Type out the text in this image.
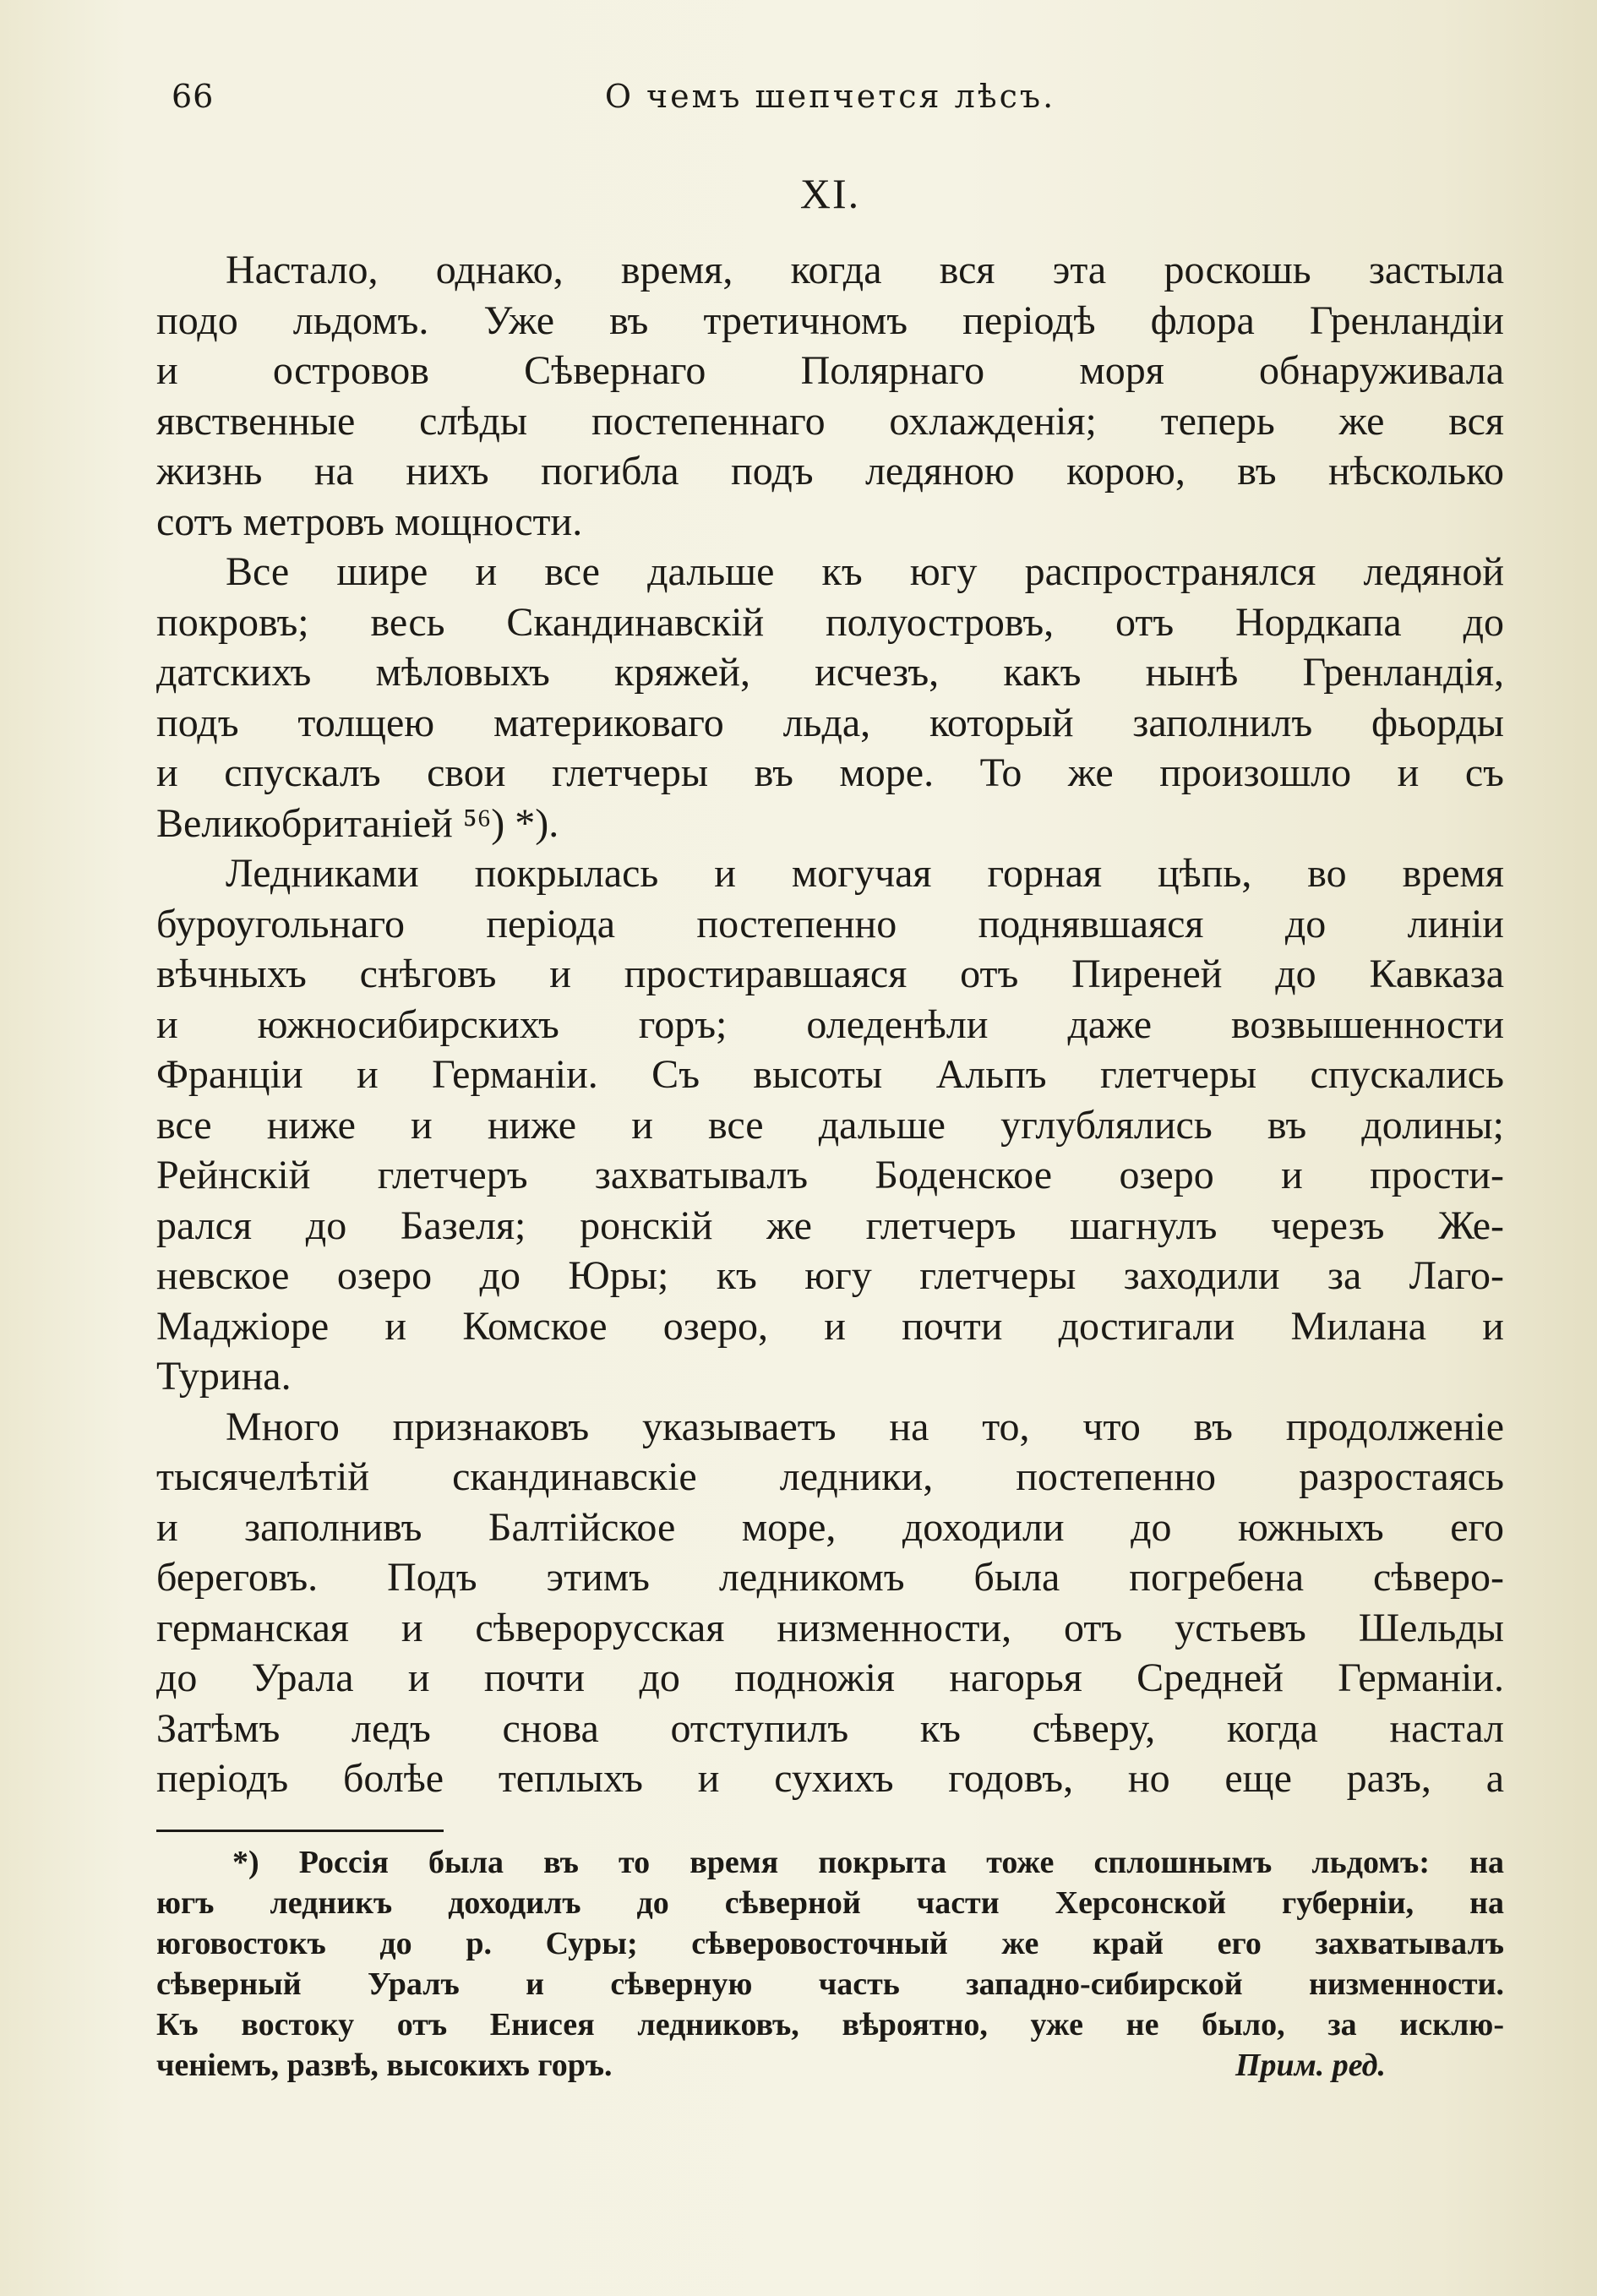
66	О чемъ шепчется лѣсъ.
XI.

Настало, однако, время, когда вся эта роскошь застыла
подо льдомъ. Уже въ третичномъ періодѣ флора Гренландіи
и островов Сѣвернаго Полярнаго моря обнаруживала
явственные слѣды постепеннаго охлажденія; теперь же вся
жизнь на нихъ погибла подъ ледяною корою, въ нѣсколько
сотъ метровъ мощности.

Все шире и все дальше къ югу распространялся ледяной
покровъ; весь Скандинавскій полуостровъ, отъ Нордкапа до
датскихъ мѣловыхъ кряжей, исчезъ, какъ нынѣ Гренландія,
подъ толщею материковаго льда, который заполнилъ фьорды
и спускалъ свои глетчеры въ море. То же произошло и съ
Великобританіей ⁵⁶) *).

Ледниками покрылась и могучая горная цѣпь, во время
буроугольнаго періода постепенно поднявшаяся до линіи
вѣчныхъ снѣговъ и простиравшаяся отъ Пиреней до Кавказа
и южносибирскихъ горъ; оледенѣли даже возвышенности
Франціи и Германіи. Съ высоты Альпъ глетчеры спускались
все ниже и ниже и все дальше углублялись въ долины;
Рейнскій глетчеръ захватывалъ Боденское озеро и прости-
рался до Базеля; ронскій же глетчеръ шагнулъ черезъ Же-
невское озеро до Юры; къ югу глетчеры заходили за Лаго-
Маджіоре и Комское озеро, и почти достигали Милана и
Турина.

Много признаковъ указываетъ на то, что въ продолженіе
тысячелѣтій скандинавскіе ледники, постепенно разростаясь
и заполнивъ Балтійское море, доходили до южныхъ его
береговъ. Подъ этимъ ледникомъ была погребена сѣверо-
германская и сѣверорусская низменности, отъ устьевъ Шельды
до Урала и почти до подножія нагорья Средней Германіи.
Затѣмъ ледъ снова отступилъ къ сѣверу, когда настал
періодъ болѣе теплыхъ и сухихъ годовъ, но еще разъ, а

*) Россія была въ то время покрыта тоже сплошнымъ льдомъ: на
югъ ледникъ доходилъ до сѣверной части Херсонской губерніи, на
юговостокъ до р. Суры; сѣверовосточный же край его захватывалъ
сѣверный Уралъ и сѣверную часть западно-сибирской низменности.
Къ востоку отъ Енисея ледниковъ, вѣроятно, уже не было, за исклю-
ченіемъ, развѣ, высокихъ горъ.	Прим. ред.
